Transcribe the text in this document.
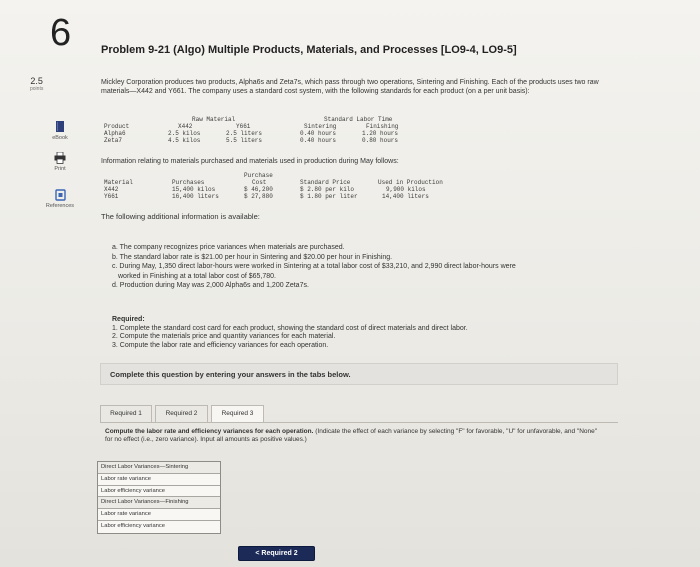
6	Problem 9-21 (Algo) Multiple Products, Materials, and Processes [LO9-4, LO9-5]
2.5
points
eBook
Print
References
Mickley Corporation produces two products, Alpha6s and Zeta7s, which pass through two operations, Sintering and Finishing. Each of the products uses two raw materials—X442 and Y661. The company uses a standard cost system, with the following standards for each product (on a per unit basis):
Raw Material	Standard Labor Time
Product	X442	Y661	Sintering	Finishing
Alpha6	2.5 kilos	2.5 liters	0.40 hours	1.20 hours
Zeta7	4.5 kilos	5.5 liters	0.40 hours	0.80 hours
Information relating to materials purchased and materials used in production during May follows:
Purchase
Material	Purchases	Cost	Standard Price	Used in Production
X442	15,400 kilos	$ 46,200	$ 2.80 per kilo	9,900 kilos
Y661	16,400 liters	$ 27,880	$ 1.80 per liter	14,400 liters
The following additional information is available:
a. The company recognizes price variances when materials are purchased.
b. The standard labor rate is $21.00 per hour in Sintering and $20.00 per hour in Finishing.
c. During May, 1,350 direct labor-hours were worked in Sintering at a total labor cost of $33,210, and 2,990 direct labor-hours were
worked in Finishing at a total labor cost of $65,780.
d. Production during May was 2,000 Alpha6s and 1,200 Zeta7s.
Required:
1. Complete the standard cost card for each product, showing the standard cost of direct materials and direct labor.
2. Compute the materials price and quantity variances for each material.
3. Compute the labor rate and efficiency variances for each operation.
Complete this question by entering your answers in the tabs below.
Required 1	Required 2	Required 3
Compute the labor rate and efficiency variances for each operation. (Indicate the effect of each variance by selecting "F" for favorable, "U" for unfavorable, and "None" for no effect (i.e., zero variance). Input all amounts as positive values.)
Direct Labor Variances—Sintering
Labor rate variance
Labor efficiency variance
Direct Labor Variances—Finishing
Labor rate variance
Labor efficiency variance
< Required 2
